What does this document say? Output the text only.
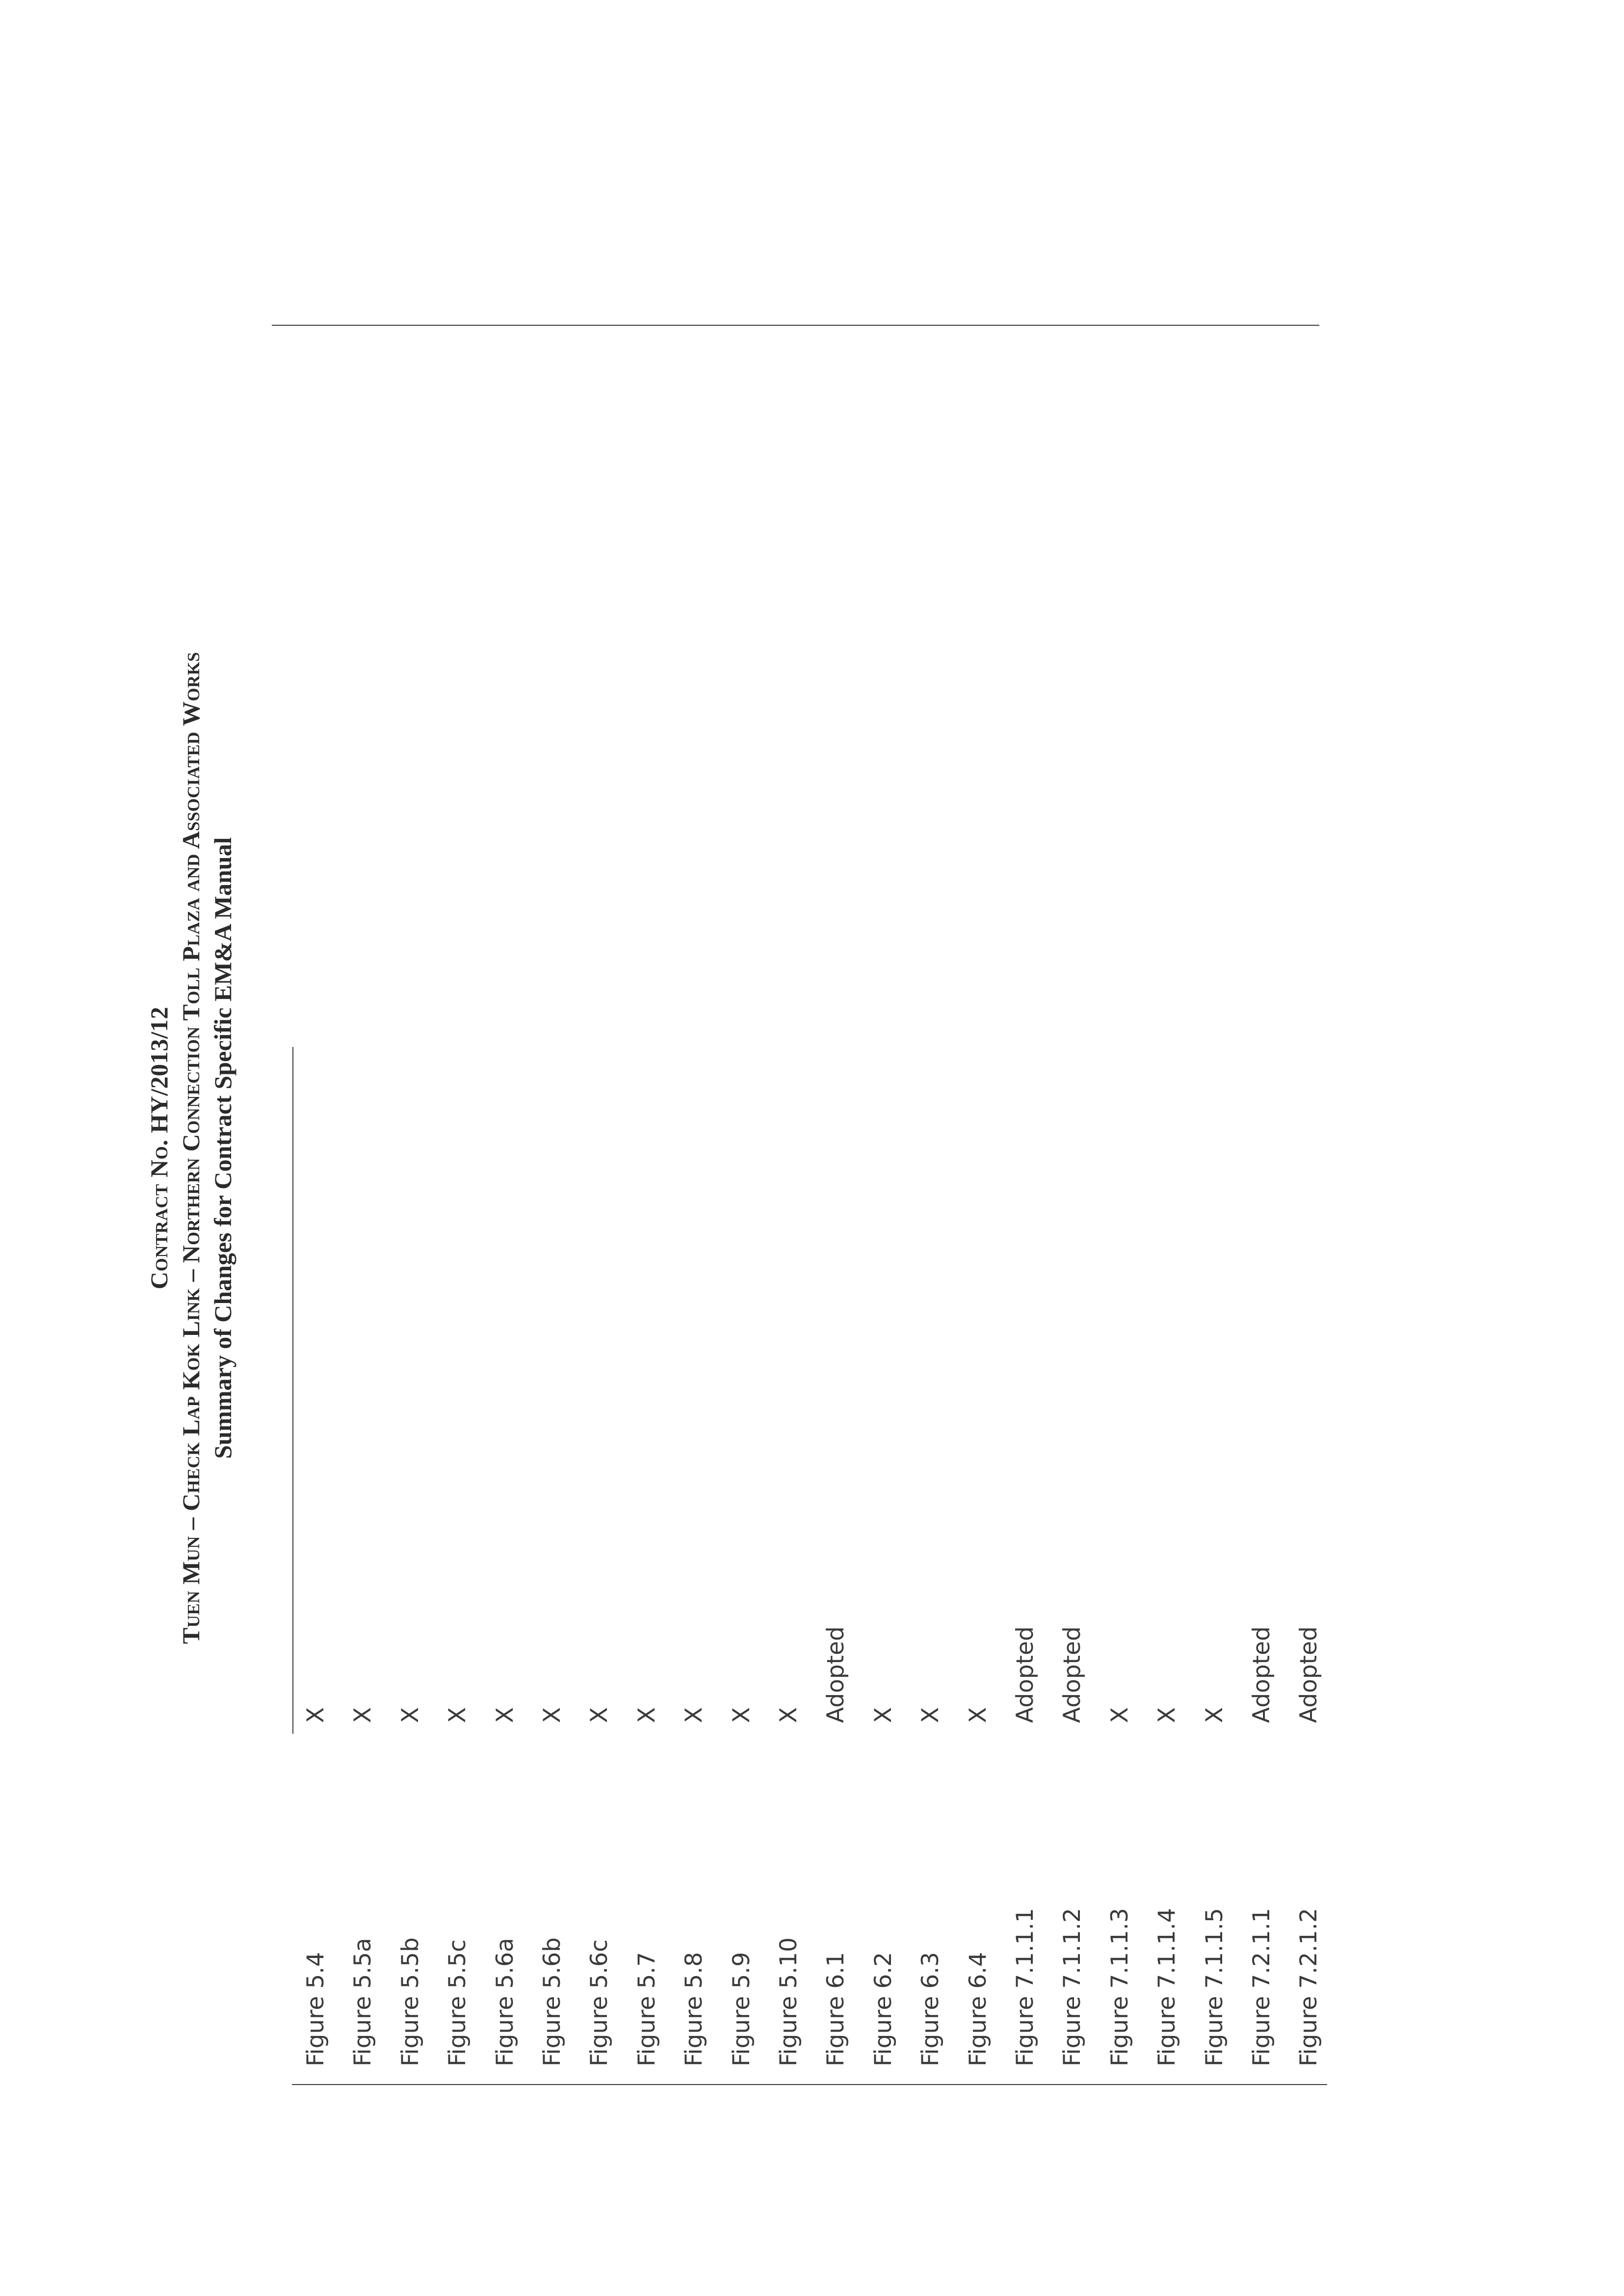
Contract No. HY/2013/12 Tuen Mun – Check Lap Kok Link – Northern Connection Toll Plaza and Associated Works Summary of Changes for Contract Specific EM&A Manual
Figure 5.4
X
Figure 5.5a
X
Figure 5.5b
X
Figure 5.5c
X
Figure 5.6a
X
Figure 5.6b
X
Figure 5.6c
X
Figure 5.7
X
Figure 5.8
X
Figure 5.9
X
Figure 5.10
X
Figure 6.1
Adopted
Figure 6.2
X
Figure 6.3
X
Figure 6.4
X
Figure 7.1.1.1
Adopted
Figure 7.1.1.2
Adopted
Figure 7.1.1.3
X
Figure 7.1.1.4
X
Figure 7.1.1.5
X
Figure 7.2.1.1
Adopted
Figure 7.2.1.2
Adopted
